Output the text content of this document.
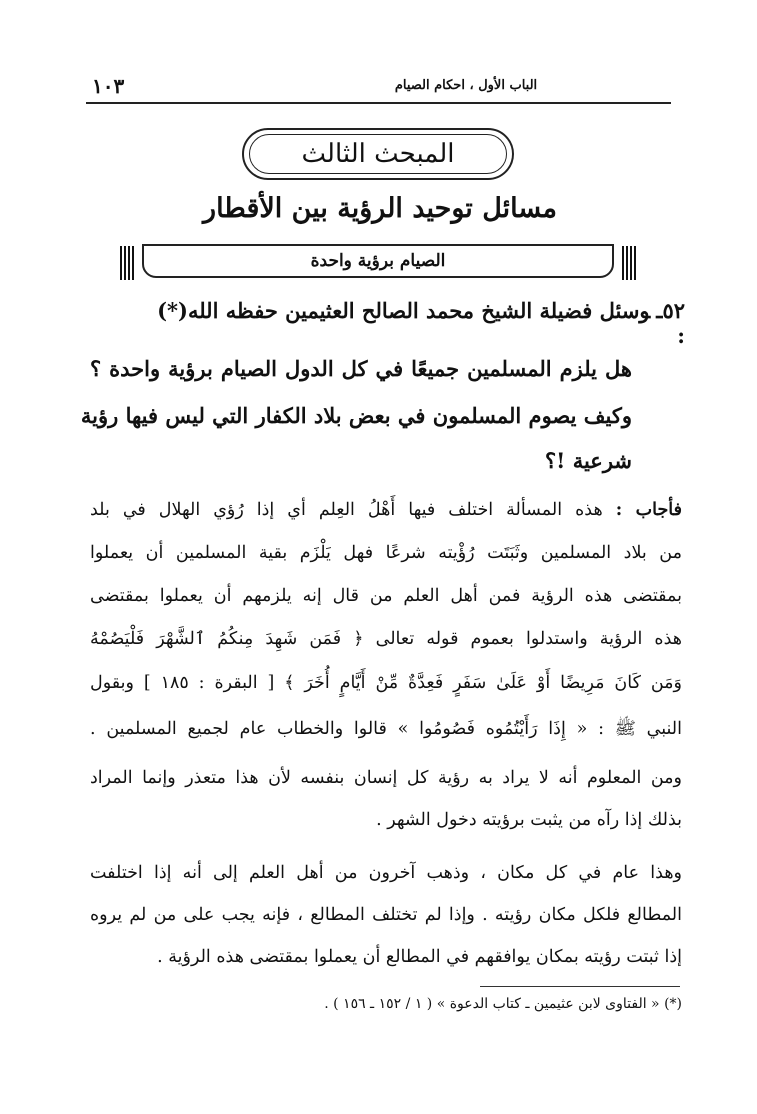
١٠٣	الباب الأول ، احكام الصيام
المبحث الثالث
مسائل توحيد الرؤية بين الأقطار
الصيام برؤية واحدة
٥٢ـوسئل فضيلة الشيخ محمد الصالح العثيمين حفظه الله(*) :
هل يلزم المسلمين جميعًا في كل الدول الصيام برؤية واحدة ؟
وكيف يصوم المسلمون في بعض بلاد الكفار التي ليس فيها رؤية
شرعية !؟
فأجاب : هذه المسألة اختلف فيها أَهْلُ العِلم أي إذا رُؤي الهلال في بلد
من بلاد المسلمين وثَبَتَت رُؤْيته شرعًا فهل يَلْزَم بقية المسلمين أن يعملوا
بمقتضى هذه الرؤية فمن أهل العلم من قال إنه يلزمهم أن يعملوا بمقتضى
هذه الرؤية واستدلوا بعموم قوله تعالى ﴿ فَمَن شَهِدَ مِنكُمُ ٱلشَّهْرَ فَلْيَصُمْهُ
وَمَن كَانَ مَرِيضًا أَوْ عَلَىٰ سَفَرٍ فَعِدَّةٌ مِّنْ أَيَّامٍ أُخَرَ ﴾ [ البقرة : ١٨٥ ] وبقول
النبي ﷺ : « إِذَا رَأَيْتُمُوه فَصُومُوا » قالوا والخطاب عام لجميع المسلمين .
ومن المعلوم أنه لا يراد به رؤية كل إنسان بنفسه لأن هذا متعذر وإنما المراد
بذلك إذا رآه من يثبت برؤيته دخول الشهر .
وهذا عام في كل مكان ، وذهب آخرون من أهل العلم إلى أنه إذا اختلفت
المطالع فلكل مكان رؤيته . وإذا لم تختلف المطالع ، فإنه يجب على من لم يروه
إذا ثبتت رؤيته بمكان يوافقهم في المطالع أن يعملوا بمقتضى هذه الرؤية .
(*) « الفتاوى لابن عثيمين ـ كتاب الدعوة » ( ١ / ١٥٢ ـ ١٥٦ ) .
